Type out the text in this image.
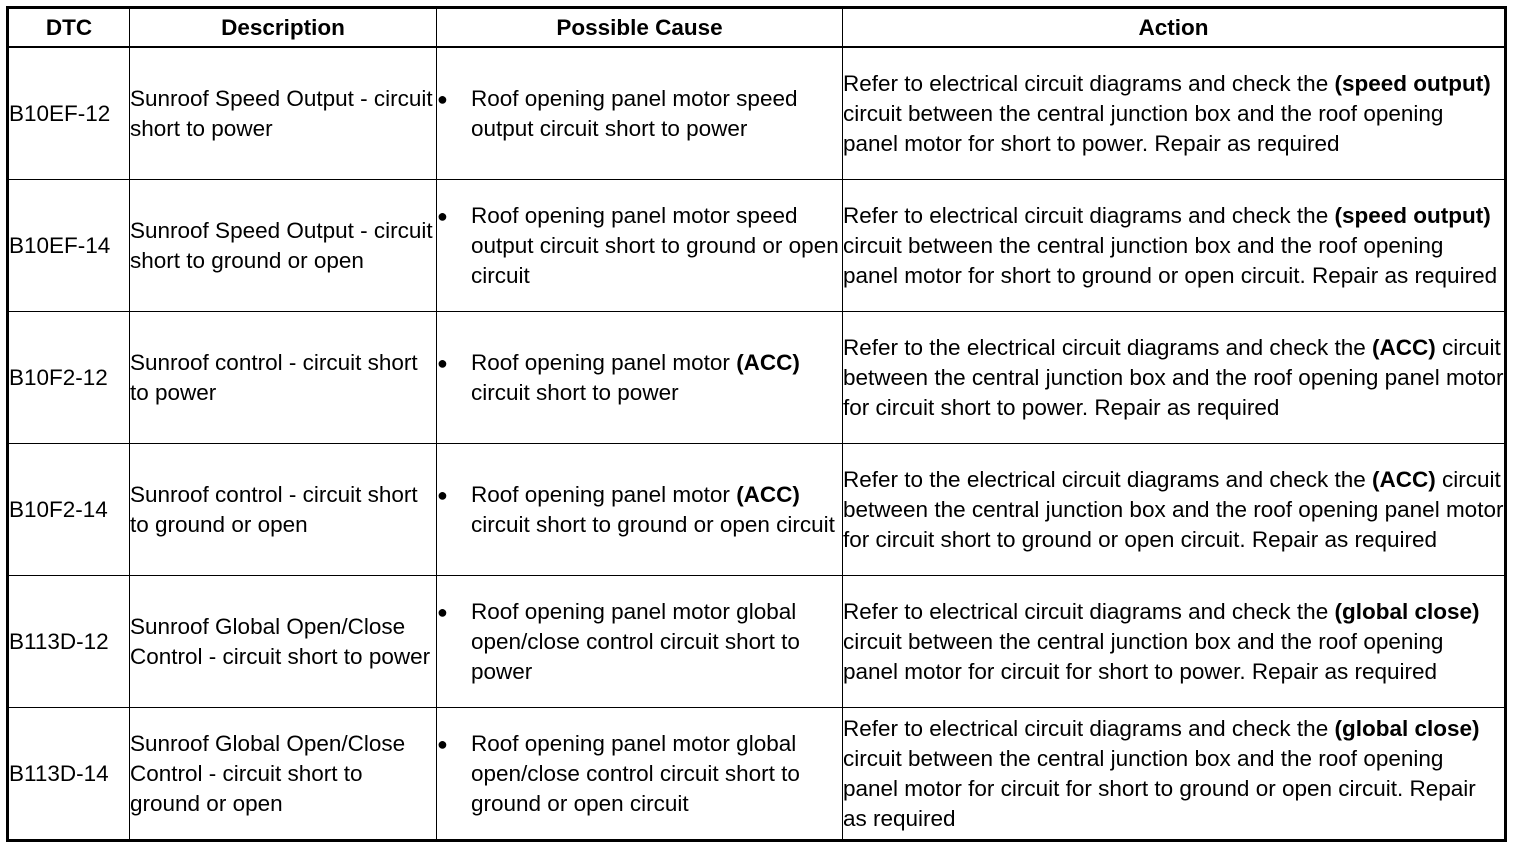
DTC	Description	Possible Cause	Action
B10EF-12	Sunroof Speed Output - circuit short to power	● Roof opening panel motor speed output circuit short to power	Refer to electrical circuit diagrams and check the (speed output) circuit between the central junction box and the roof opening panel motor for short to power. Repair as required
B10EF-14	Sunroof Speed Output - circuit short to ground or open	● Roof opening panel motor speed output circuit short to ground or open circuit	Refer to electrical circuit diagrams and check the (speed output) circuit between the central junction box and the roof opening panel motor for short to ground or open circuit. Repair as required
B10F2-12	Sunroof control - circuit short to power	● Roof opening panel motor (ACC) circuit short to power	Refer to the electrical circuit diagrams and check the (ACC) circuit between the central junction box and the roof opening panel motor for circuit short to power. Repair as required
B10F2-14	Sunroof control - circuit short to ground or open	● Roof opening panel motor (ACC) circuit short to ground or open circuit	Refer to the electrical circuit diagrams and check the (ACC) circuit between the central junction box and the roof opening panel motor for circuit short to ground or open circuit. Repair as required
B113D-12	Sunroof Global Open/Close Control - circuit short to power	● Roof opening panel motor global open/close control circuit short to power	Refer to electrical circuit diagrams and check the (global close) circuit between the central junction box and the roof opening panel motor for circuit for short to power. Repair as required
B113D-14	Sunroof Global Open/Close Control - circuit short to ground or open	● Roof opening panel motor global open/close control circuit short to ground or open circuit	Refer to electrical circuit diagrams and check the (global close) circuit between the central junction box and the roof opening panel motor for circuit for short to ground or open circuit. Repair as required
